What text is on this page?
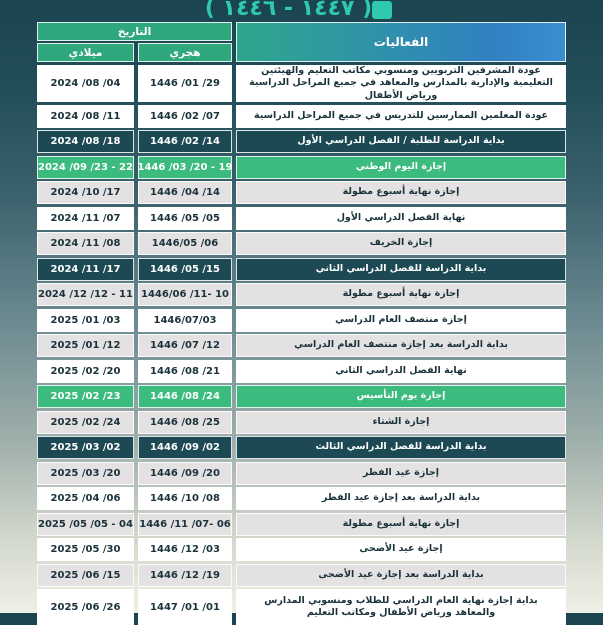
( ١٤٤٧ - ١٤٤٦ )
الفعاليات
التاريخ
هجري
ميلادي
عودة المشرفين التربويين ومنسوبي مكاتب التعليم والهيئتين التعليمية والإدارية بالمدارس والمعاهد في جميع المراحل الدراسية ورياض الأطفال
1446 /01 /29
2024 /08 /04
عودة المعلمين الممارسين للتدريس في جميع المراحل الدراسية
1446 /02 /07
2024 /08 /11
بداية الدراسة للطلبة / الفصل الدراسي الأول
1446 /02 /14
2024 /08 /18
إجازة اليوم الوطني
1446 /03 /20 - 19
2024 /09 /23 - 22
إجازة نهاية أسبوع مطولة
1446 /04 /14
2024 /10 /17
نهاية الفصل الدراسي الأول
1446 /05 /05
2024 /11 /07
إجازة الخريف
1446/05 /06
2024 /11 /08
بداية الدراسة للفصل الدراسي الثاني
1446 /05 /15
2024 /11 /17
إجازة نهاية أسبوع مطولة
1446/06 /11- 10
2024 /12 /12 - 11
إجازة منتصف العام الدراسي
1446/07/03
2025 /01 /03
بداية الدراسة بعد إجازة منتصف العام الدراسي
1446 /07 /12
2025 /01 /12
نهاية الفصل الدراسي الثاني
1446 /08 /21
2025 /02 /20
إجازة يوم التأسيس
1446 /08 /24
2025 /02 /23
إجازة الشتاء
1446 /08 /25
2025 /02 /24
بداية الدراسة للفصل الدراسي الثالث
1446 /09 /02
2025 /03 /02
إجازة عيد الفطر
1446 /09 /20
2025 /03 /20
بداية الدراسة بعد إجازة عيد الفطر
1446 /10 /08
2025 /04 /06
إجازة نهاية أسبوع مطولة
1446 /11 /07- 06
2025 /05 /05 - 04
إجازة عيد الأضحى
1446 /12 /03
2025 /05 /30
بداية الدراسة بعد إجازة عيد الأضحى
1446 /12 /19
2025 /06 /15
بداية إجازة نهاية العام الدراسي للطلاب ومنسوبي المدارس والمعاهد ورياض الأطفال ومكاتب التعليم
1447 /01 /01
2025 /06 /26
